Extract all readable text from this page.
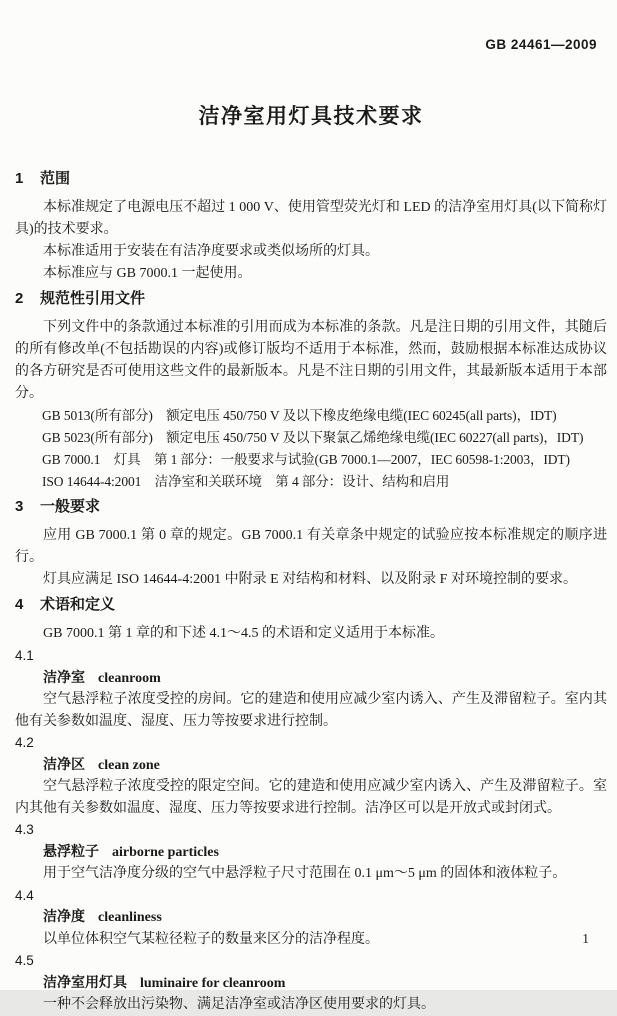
GB 24461—2009
洁净室用灯具技术要求
1 范围

本标准规定了电源电压不超过 1 000 V、使用管型荧光灯和 LED 的洁净室用灯具(以下简称灯具)的技术要求。

本标准适用于安装在有洁净度要求或类似场所的灯具。

本标准应与 GB 7000.1 一起使用。

2 规范性引用文件

下列文件中的条款通过本标准的引用而成为本标准的条款。凡是注日期的引用文件，其随后的所有修改单(不包括勘误的内容)或修订版均不适用于本标准，然而，鼓励根据本标准达成协议的各方研究是否可使用这些文件的最新版本。凡是不注日期的引用文件，其最新版本适用于本部分。

GB 5013(所有部分)　额定电压 450/750 V 及以下橡皮绝缘电缆(IEC 60245(all parts)，IDT)

GB 5023(所有部分)　额定电压 450/750 V 及以下聚氯乙烯绝缘电缆(IEC 60227(all parts)，IDT)

GB 7000.1　灯具　第 1 部分：一般要求与试验(GB 7000.1—2007，IEC 60598-1:2003，IDT)

ISO 14644-4:2001　洁净室和关联环境　第 4 部分：设计、结构和启用

3 一般要求

应用 GB 7000.1 第 0 章的规定。GB 7000.1 有关章条中规定的试验应按本标准规定的顺序进行。

灯具应满足 ISO 14644-4:2001 中附录 E 对结构和材料、以及附录 F 对环境控制的要求。

4 术语和定义

GB 7000.1 第 1 章的和下述 4.1～4.5 的术语和定义适用于本标准。

4.1
洁净室 cleanroom

空气悬浮粒子浓度受控的房间。它的建造和使用应减少室内诱入、产生及滞留粒子。室内其他有关参数如温度、湿度、压力等按要求进行控制。

4.2
洁净区 clean zone

空气悬浮粒子浓度受控的限定空间。它的建造和使用应减少室内诱入、产生及滞留粒子。室内其他有关参数如温度、湿度、压力等按要求进行控制。洁净区可以是开放式或封闭式。

4.3
悬浮粒子 airborne particles

用于空气洁净度分级的空气中悬浮粒子尺寸范围在 0.1 μm～5 μm 的固体和液体粒子。

4.4
洁净度 cleanliness

以单位体积空气某粒径粒子的数量来区分的洁净程度。

4.5
洁净室用灯具 luminaire for cleanroom

一种不会释放出污染物、满足洁净室或洁净区使用要求的灯具。

1
